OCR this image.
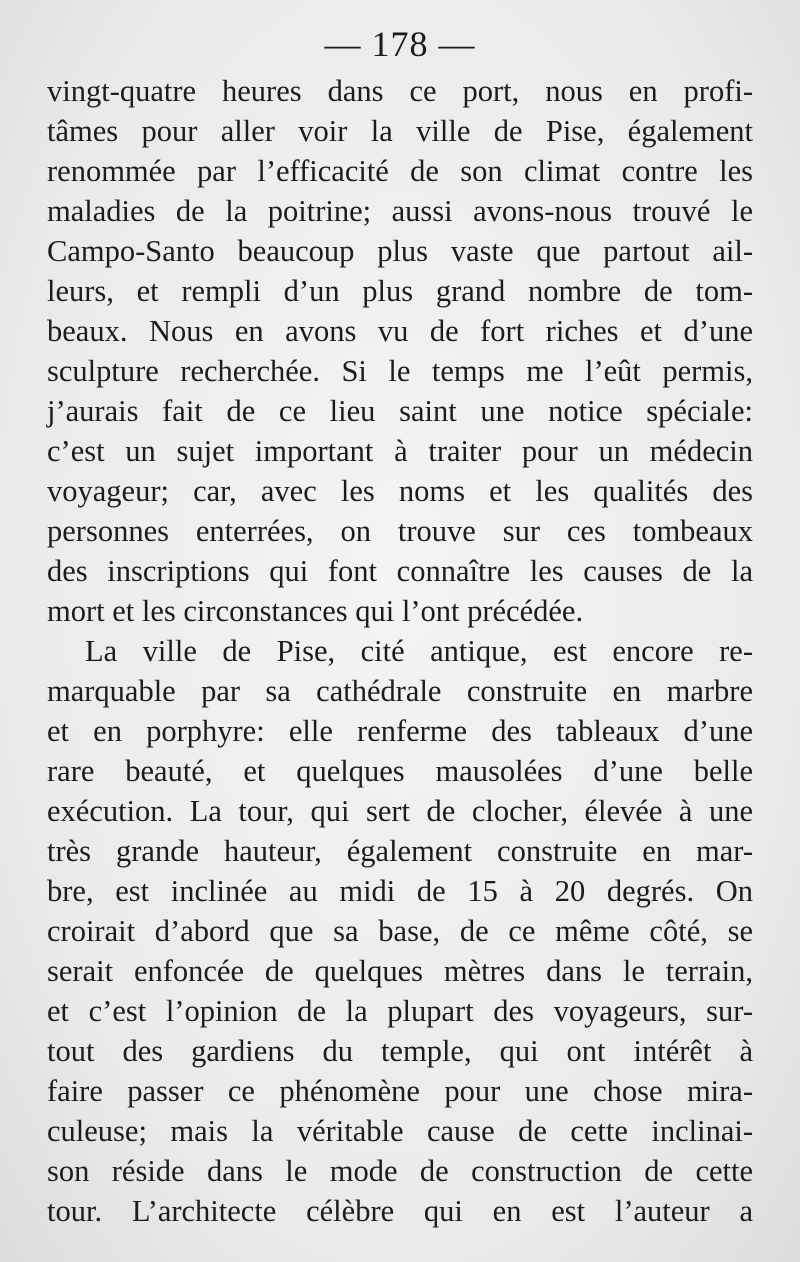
— 178 —
vingt-quatre heures dans ce port, nous en profi-
tâmes pour aller voir la ville de Pise, également
renommée par l’efficacité de son climat contre les
maladies de la poitrine; aussi avons-nous trouvé le
Campo-Santo beaucoup plus vaste que partout ail-
leurs, et rempli d’un plus grand nombre de tom-
beaux. Nous en avons vu de fort riches et d’une
sculpture recherchée. Si le temps me l’eût permis,
j’aurais fait de ce lieu saint une notice spéciale:
c’est un sujet important à traiter pour un médecin
voyageur; car, avec les noms et les qualités des
personnes enterrées, on trouve sur ces tombeaux
des inscriptions qui font connaître les causes de la
mort et les circonstances qui l’ont précédée.
La ville de Pise, cité antique, est encore re-
marquable par sa cathédrale construite en marbre
et en porphyre: elle renferme des tableaux d’une
rare beauté, et quelques mausolées d’une belle
exécution. La tour, qui sert de clocher, élevée à une
très grande hauteur, également construite en mar-
bre, est inclinée au midi de 15 à 20 degrés. On
croirait d’abord que sa base, de ce même côté, se
serait enfoncée de quelques mètres dans le terrain,
et c’est l’opinion de la plupart des voyageurs, sur-
tout des gardiens du temple, qui ont intérêt à
faire passer ce phénomène pour une chose mira-
culeuse; mais la véritable cause de cette inclinai-
son réside dans le mode de construction de cette
tour. L’architecte célèbre qui en est l’auteur a
